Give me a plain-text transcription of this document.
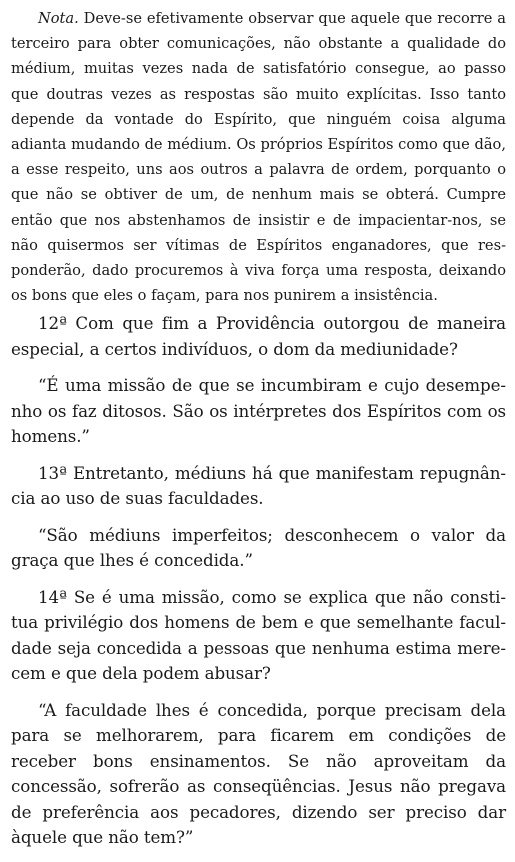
Nota. Deve-se efetivamente observar que aquele que recorre a terceiro para obter comunicações, não obstante a qualidade do médium, muitas vezes nada de satisfatório consegue, ao passo que doutras vezes as respostas são muito explícitas. Isso tanto depende da vontade do Espírito, que ninguém coisa alguma adianta mudando de médium. Os próprios Espíritos como que dão, a esse respeito, uns aos outros a palavra de ordem, porquanto o que não se obtiver de um, de nenhum mais se obterá. Cumpre então que nos abstenhamos de insistir e de impacientar-nos, se não quisermos ser vítimas de Espíritos enganadores, que responderão, dado procuremos à viva força uma resposta, deixando os bons que eles o façam, para nos punirem a insistência.

12ª Com que fim a Providência outorgou de maneira especial, a certos indivíduos, o dom da mediunidade?

“É uma missão de que se incumbiram e cujo desempenho os faz ditosos. São os intérpretes dos Espíritos com os homens.”

13ª Entretanto, médiuns há que manifestam repugnância ao uso de suas faculdades.

“São médiuns imperfeitos; desconhecem o valor da graça que lhes é concedida.”

14ª Se é uma missão, como se explica que não constitua privilégio dos homens de bem e que semelhante faculdade seja concedida a pessoas que nenhuma estima merecem e que dela podem abusar?

“A faculdade lhes é concedida, porque precisam dela para se melhorarem, para ficarem em condições de receber bons ensinamentos. Se não aproveitam da concessão, sofrerão as conseqüências. Jesus não pregava de preferência aos pecadores, dizendo ser preciso dar àquele que não tem?”
